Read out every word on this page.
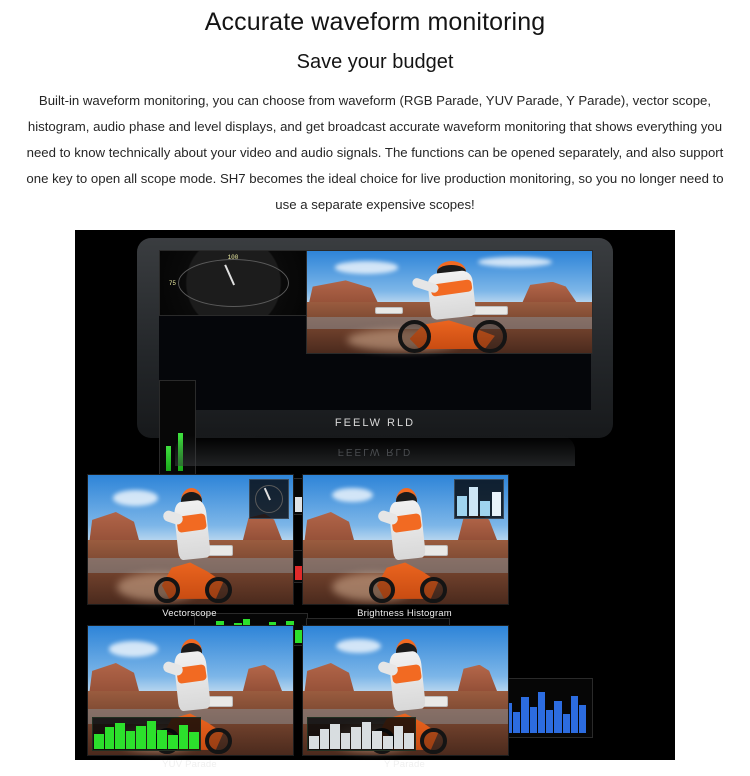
Accurate waveform monitoring
Save your budget

Built-in waveform monitoring, you can choose from waveform (RGB Parade, YUV Parade, Y Parade), vector scope, histogram, audio phase and level displays, and get broadcast accurate waveform monitoring that shows everything you need to know technically about your video and audio signals. The functions can be opened separately, and also support one key to open all scope mode. SH7 becomes the ideal choice for live production monitoring, so you no longer need to use a separate expensive scopes!

100
75
FEELW RLD
FEELW RLD
Vectorscope	Brightness Histogram
YUV Parade	Y Parade
